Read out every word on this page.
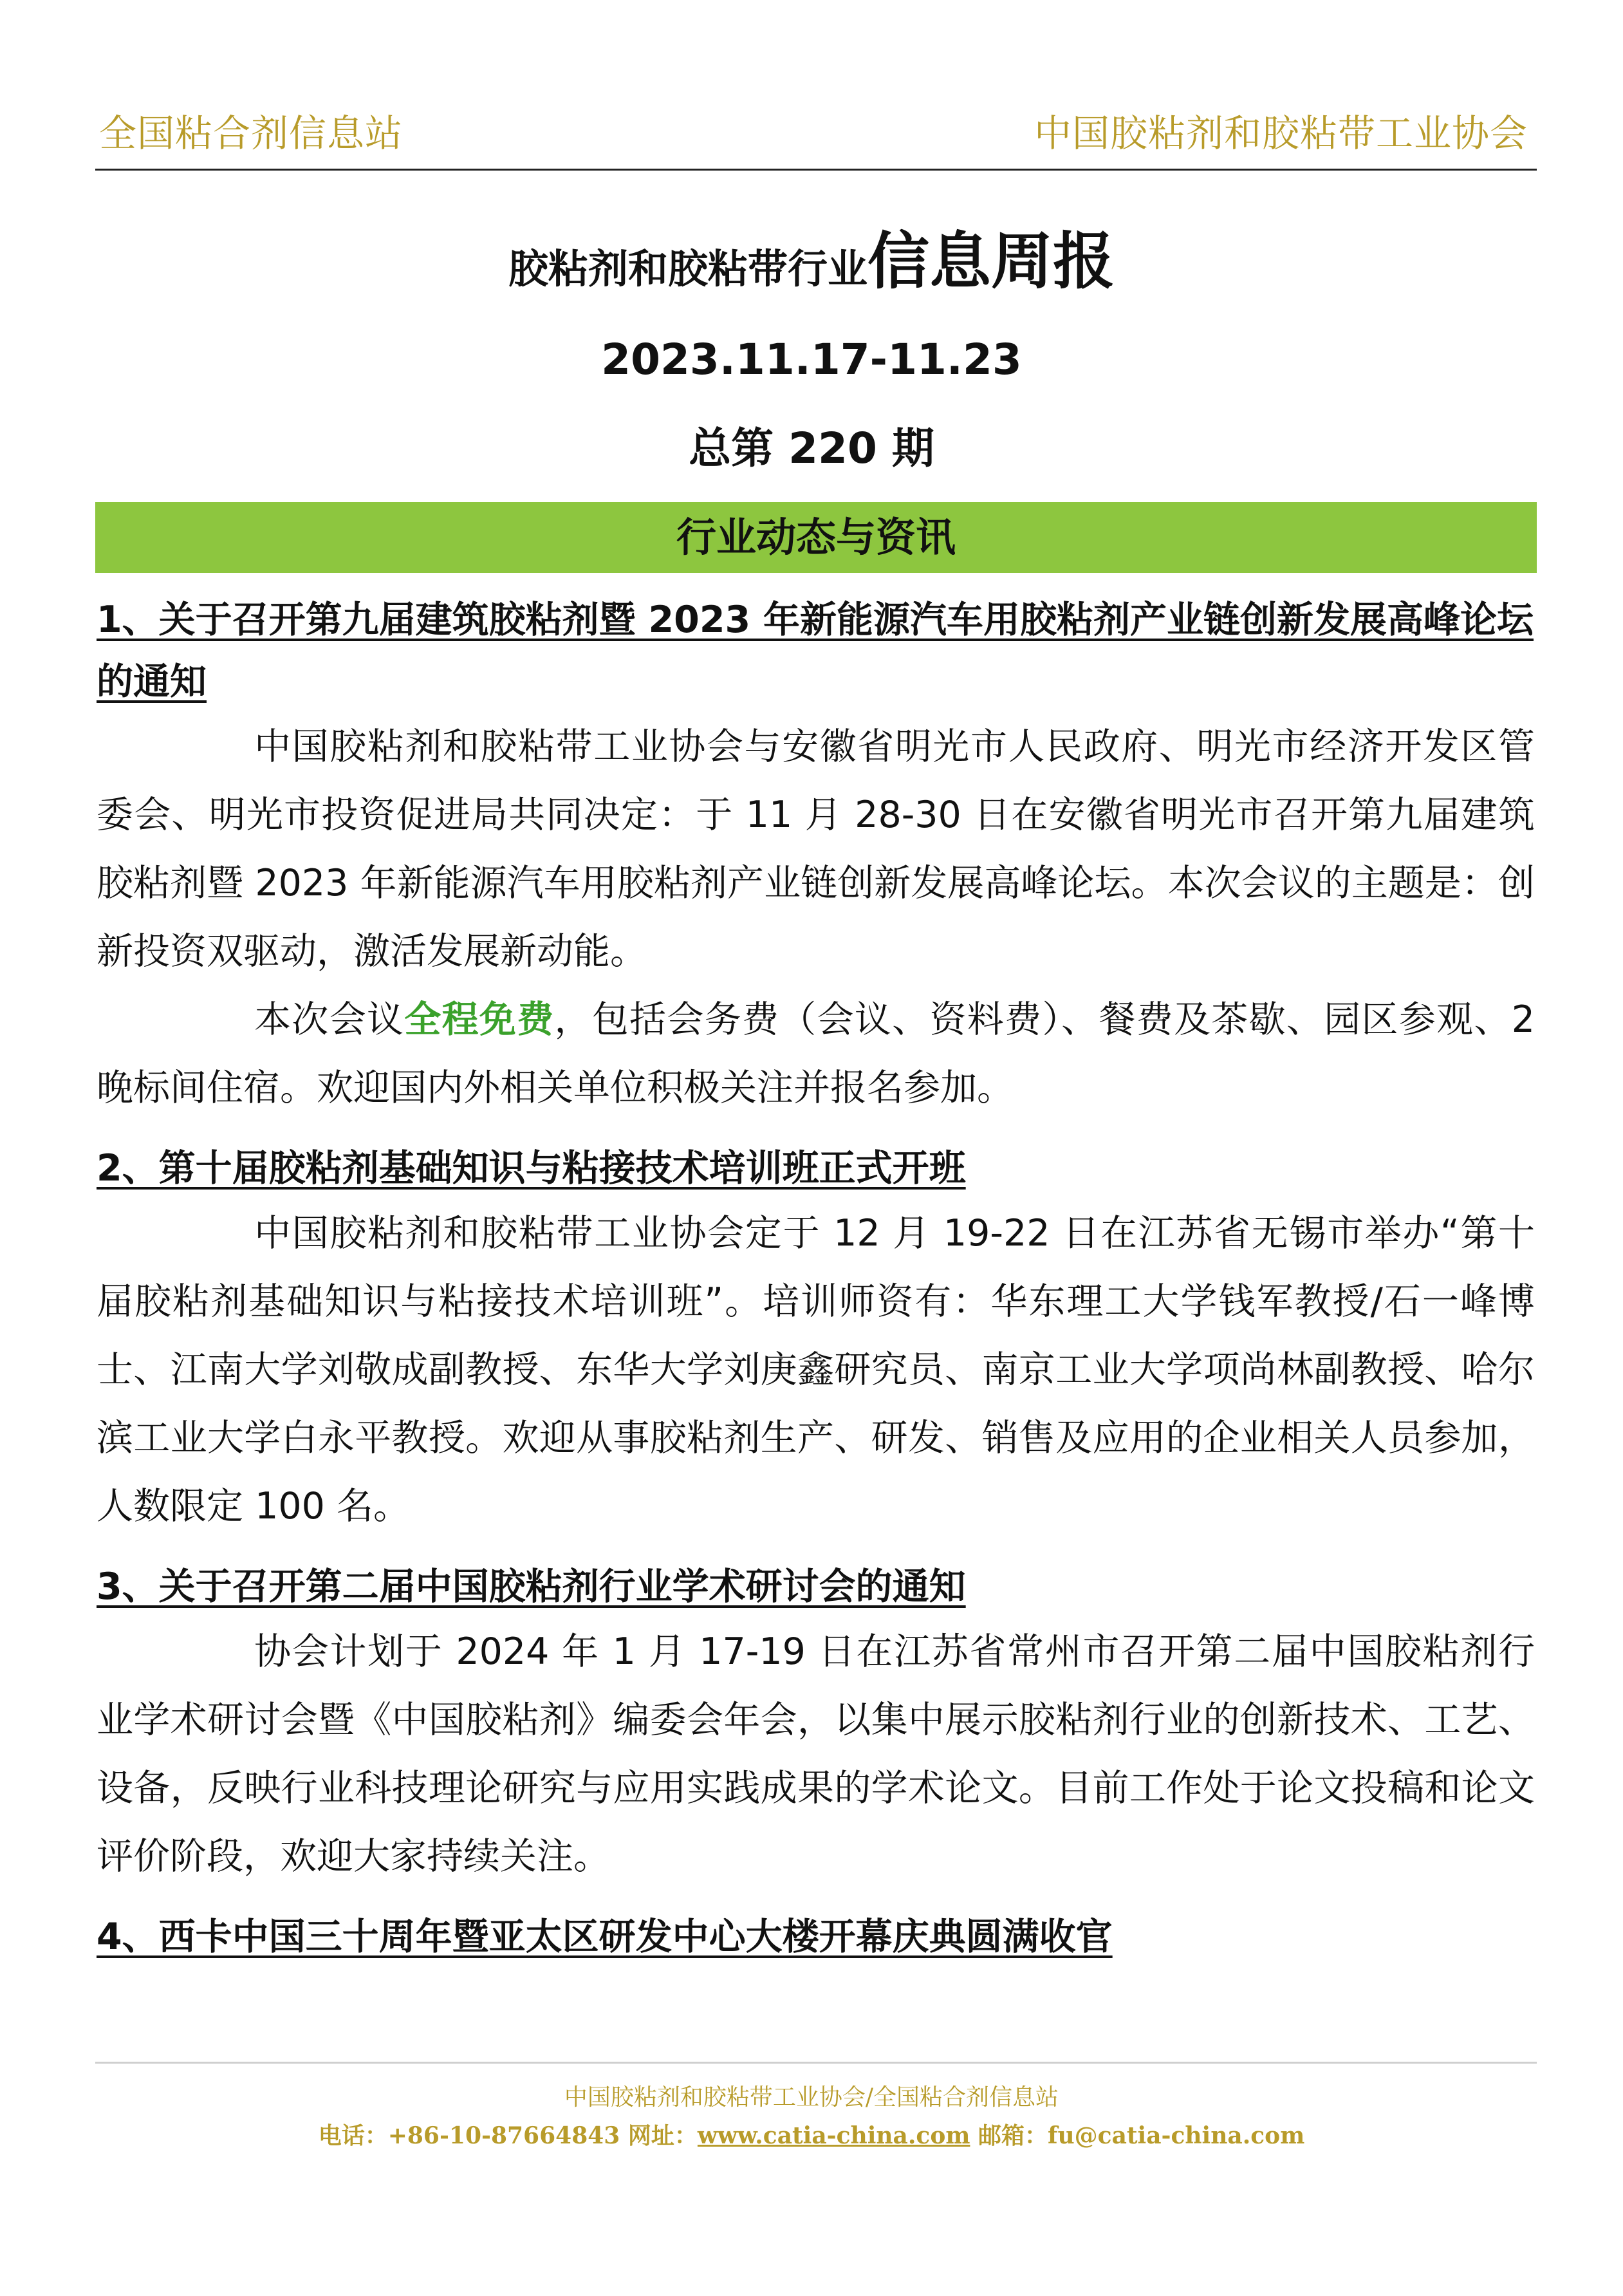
全国粘合剂信息站	中国胶粘剂和胶粘带工业协会
胶粘剂和胶粘带行业信息周报
2023.11.17-11.23
总第 220 期
行业动态与资讯

1、关于召开第九届建筑胶粘剂暨 2023 年新能源汽车用胶粘剂产业链创新发展高峰论坛的通知

中国胶粘剂和胶粘带工业协会与安徽省明光市人民政府、明光市经济开发区管委会、明光市投资促进局共同决定：于 11 月 28-30 日在安徽省明光市召开第九届建筑胶粘剂暨 2023 年新能源汽车用胶粘剂产业链创新发展高峰论坛。本次会议的主题是：创新投资双驱动，激活发展新动能。

本次会议全程免费，包括会务费（会议、资料费）、餐费及茶歇、园区参观、2 晚标间住宿。欢迎国内外相关单位积极关注并报名参加。

2、第十届胶粘剂基础知识与粘接技术培训班正式开班

中国胶粘剂和胶粘带工业协会定于 12 月 19-22 日在江苏省无锡市举办“第十届胶粘剂基础知识与粘接技术培训班”。培训师资有：华东理工大学钱军教授/石一峰博士、江南大学刘敬成副教授、东华大学刘庚鑫研究员、南京工业大学项尚林副教授、哈尔滨工业大学白永平教授。欢迎从事胶粘剂生产、研发、销售及应用的企业相关人员参加，人数限定 100 名。

3、关于召开第二届中国胶粘剂行业学术研讨会的通知

协会计划于 2024 年 1 月 17-19 日在江苏省常州市召开第二届中国胶粘剂行业学术研讨会暨《中国胶粘剂》编委会年会，以集中展示胶粘剂行业的创新技术、工艺、设备，反映行业科技理论研究与应用实践成果的学术论文。目前工作处于论文投稿和论文评价阶段，欢迎大家持续关注。

4、西卡中国三十周年暨亚太区研发中心大楼开幕庆典圆满收官

中国胶粘剂和胶粘带工业协会/全国粘合剂信息站
电话：+86-10-87664843 网址：www.catia-china.com 邮箱：fu@catia-china.com
